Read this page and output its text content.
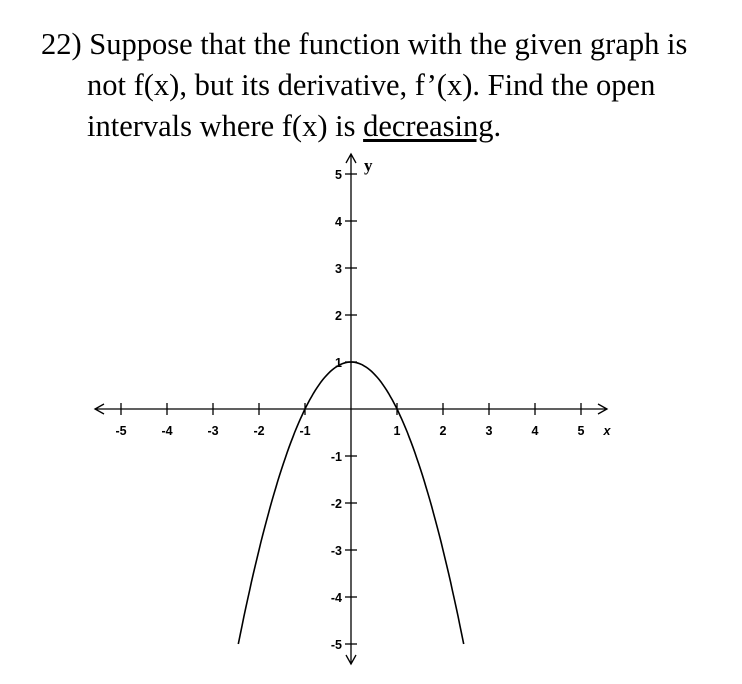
22) Suppose that the function with the given graph is
not f(x), but its derivative, f’(x). Find the open
intervals where f(x) is decreasing.
-5	-4	-3	-2	-1	1	2	3	4	5
5
4
3
2
1
-1
-2
-3
-4
-5
x
y
